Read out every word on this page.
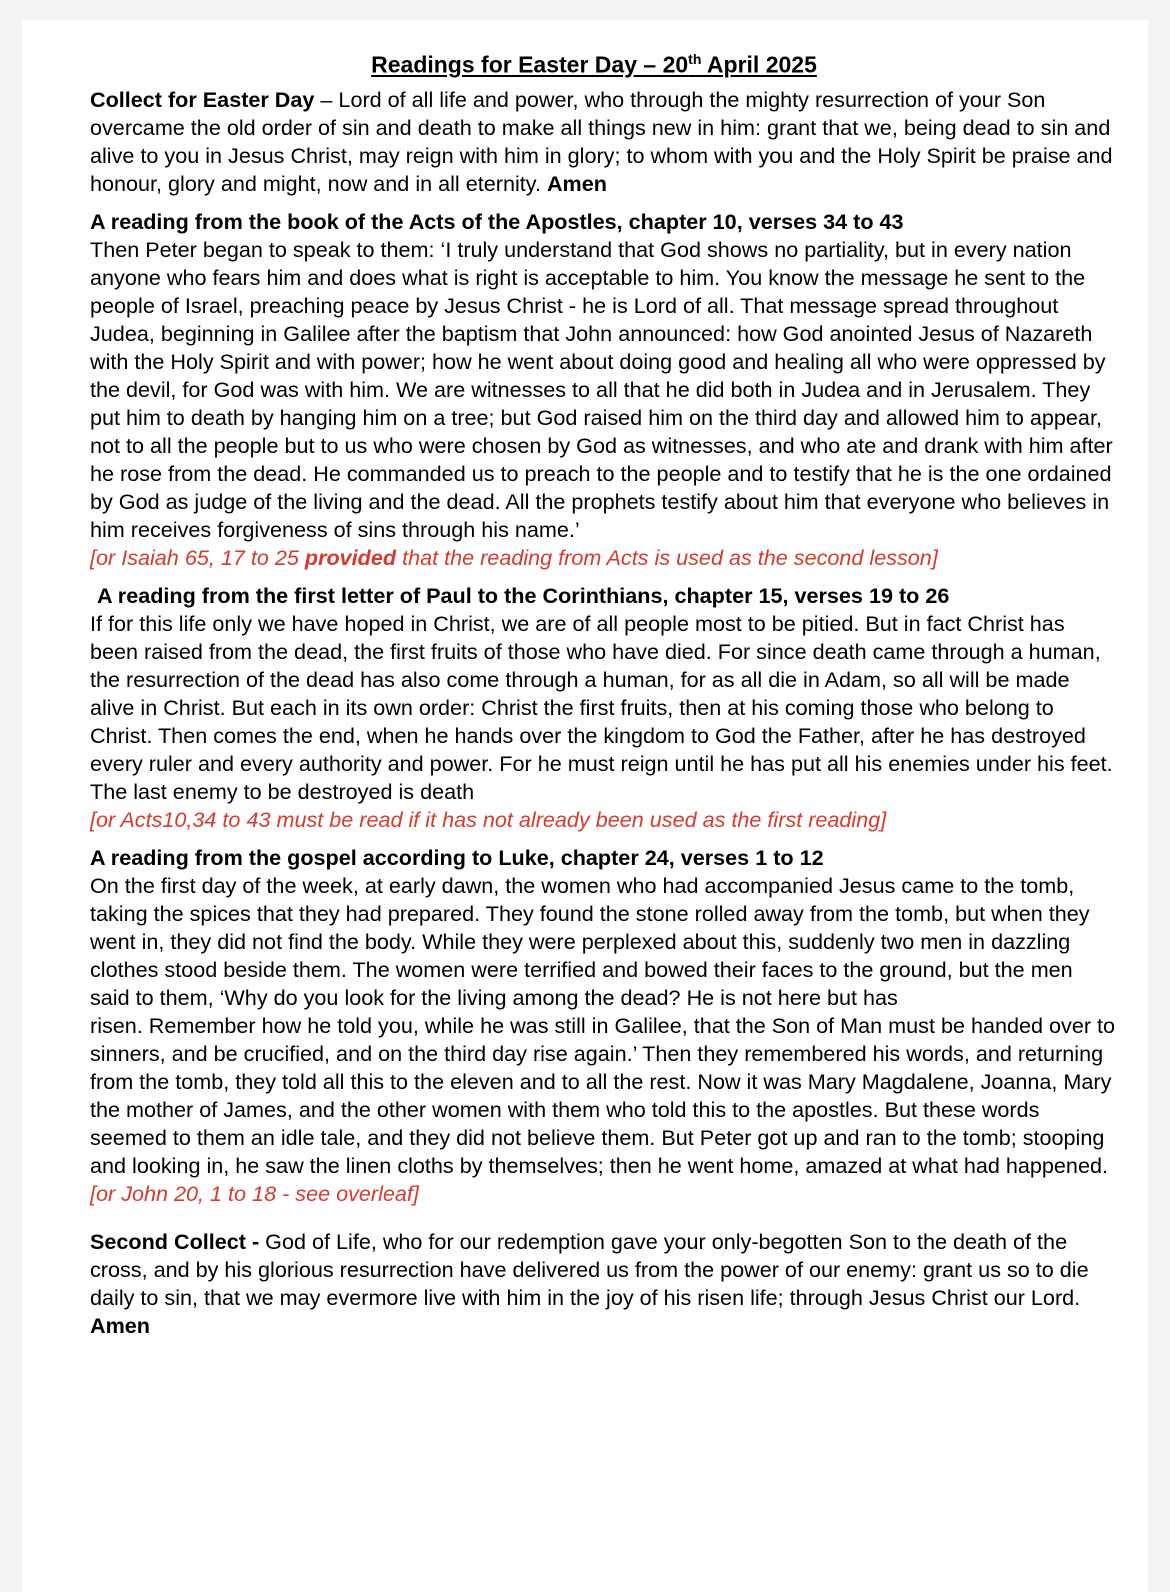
Readings for Easter Day – 20th April 2025

Collect for Easter Day – Lord of all life and power, who through the mighty resurrection of your Son overcame the old order of sin and death to make all things new in him: grant that we, being dead to sin and alive to you in Jesus Christ, may reign with him in glory; to whom with you and the Holy Spirit be praise and honour, glory and might, now and in all eternity. Amen

A reading from the book of the Acts of the Apostles, chapter 10, verses 34 to 43

Then Peter began to speak to them: ‘I truly understand that God shows no partiality, but in every nation anyone who fears him and does what is right is acceptable to him. You know the message he sent to the people of Israel, preaching peace by Jesus Christ - he is Lord of all. That message spread throughout Judea, beginning in Galilee after the baptism that John announced: how God anointed Jesus of Nazareth with the Holy Spirit and with power; how he went about doing good and healing all who were oppressed by the devil, for God was with him. We are witnesses to all that he did both in Judea and in Jerusalem. They put him to death by hanging him on a tree; but God raised him on the third day and allowed him to appear, not to all the people but to us who were chosen by God as witnesses, and who ate and drank with him after he rose from the dead. He commanded us to preach to the people and to testify that he is the one ordained by God as judge of the living and the dead. All the prophets testify about him that everyone who believes in him receives forgiveness of sins through his name.’

[or Isaiah 65, 17 to 25 provided that the reading from Acts is used as the second lesson]
A reading from the first letter of Paul to the Corinthians, chapter 15, verses 19 to 26

If for this life only we have hoped in Christ, we are of all people most to be pitied. But in fact Christ has been raised from the dead, the first fruits of those who have died. For since death came through a human, the resurrection of the dead has also come through a human, for as all die in Adam, so all will be made alive in Christ. But each in its own order: Christ the first fruits, then at his coming those who belong to Christ. Then comes the end, when he hands over the kingdom to God the Father, after he has destroyed every ruler and every authority and power. For he must reign until he has put all his enemies under his feet. The last enemy to be destroyed is death

[or Acts10,34 to 43 must be read if it has not already been used as the first reading]
A reading from the gospel according to Luke, chapter 24, verses 1 to 12

On the first day of the week, at early dawn, the women who had accompanied Jesus came to the tomb, taking the spices that they had prepared. They found the stone rolled away from the tomb, but when they went in, they did not find the body. While they were perplexed about this, suddenly two men in dazzling clothes stood beside them. The women were terrified and bowed their faces to the ground, but the men said to them, ‘Why do you look for the living among the dead? He is not here but has

risen. Remember how he told you, while he was still in Galilee, that the Son of Man must be handed over to sinners, and be crucified, and on the third day rise again.’ Then they remembered his words, and returning from the tomb, they told all this to the eleven and to all the rest. Now it was Mary Magdalene, Joanna, Mary the mother of James, and the other women with them who told this to the apostles. But these words seemed to them an idle tale, and they did not believe them. But Peter got up and ran to the tomb; stooping and looking in, he saw the linen cloths by themselves; then he went home, amazed at what had happened.

[or John 20, 1 to 18 - see overleaf]

Second Collect - God of Life, who for our redemption gave your only-begotten Son to the death of the cross, and by his glorious resurrection have delivered us from the power of our enemy: grant us so to die daily to sin, that we may evermore live with him in the joy of his risen life; through Jesus Christ our Lord. Amen
